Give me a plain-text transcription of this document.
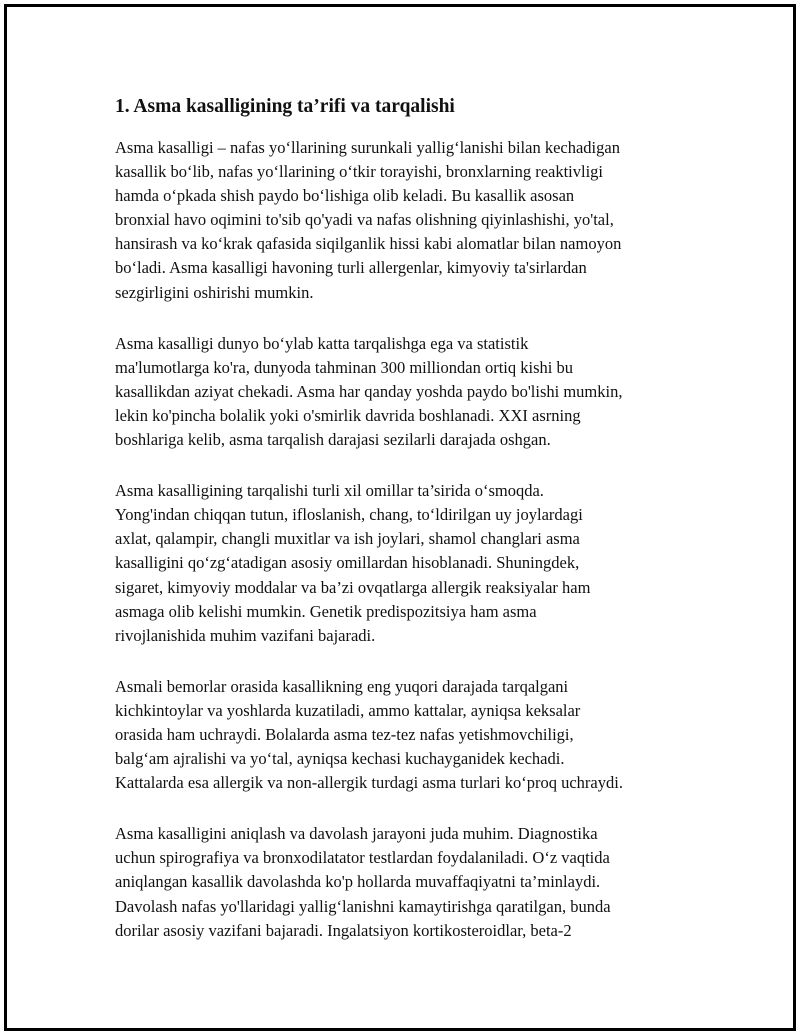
1. Asma kasalligining ta’rifi va tarqalishi
Asma kasalligi – nafas yo‘llarining surunkali yallig‘lanishi bilan kechadigan
kasallik bo‘lib, nafas yo‘llarining o‘tkir torayishi, bronxlarning reaktivligi
hamda o‘pkada shish paydo bo‘lishiga olib keladi. Bu kasallik asosan
bronxial havo oqimini to'sib qo'yadi va nafas olishning qiyinlashishi, yo'tal,
hansirash va ko‘krak qafasida siqilganlik hissi kabi alomatlar bilan namoyon
bo‘ladi. Asma kasalligi havoning turli allergenlar, kimyoviy ta'sirlardan
sezgirligini oshirishi mumkin.
Asma kasalligi dunyo bo‘ylab katta tarqalishga ega va statistik
ma'lumotlarga ko'ra, dunyoda tahminan 300 milliondan ortiq kishi bu
kasallikdan aziyat chekadi. Asma har qanday yoshda paydo bo'lishi mumkin,
lekin ko'pincha bolalik yoki o'smirlik davrida boshlanadi. XXI asrning
boshlariga kelib, asma tarqalish darajasi sezilarli darajada oshgan.
Asma kasalligining tarqalishi turli xil omillar ta’sirida o‘smoqda.
Yong'indan chiqqan tutun, ifloslanish, chang, to‘ldirilgan uy joylardagi
axlat, qalampir, changli muxitlar va ish joylari, shamol changlari asma
kasalligini qo‘zg‘atadigan asosiy omillardan hisoblanadi. Shuningdek,
sigaret, kimyoviy moddalar va ba’zi ovqatlarga allergik reaksiyalar ham
asmaga olib kelishi mumkin. Genetik predispozitsiya ham asma
rivojlanishida muhim vazifani bajaradi.
Asmali bemorlar orasida kasallikning eng yuqori darajada tarqalgani
kichkintoylar va yoshlarda kuzatiladi, ammo kattalar, ayniqsa keksalar
orasida ham uchraydi. Bolalarda asma tez-tez nafas yetishmovchiligi,
balg‘am ajralishi va yo‘tal, ayniqsa kechasi kuchayganidek kechadi.
Kattalarda esa allergik va non-allergik turdagi asma turlari ko‘proq uchraydi.
Asma kasalligini aniqlash va davolash jarayoni juda muhim. Diagnostika
uchun spirografiya va bronxodilatator testlardan foydalaniladi. O‘z vaqtida
aniqlangan kasallik davolashda ko'p hollarda muvaffaqiyatni ta’minlaydi.
Davolash nafas yo'llaridagi yallig‘lanishni kamaytirishga qaratilgan, bunda
dorilar asosiy vazifani bajaradi. Ingalatsiyon kortikosteroidlar, beta-2
